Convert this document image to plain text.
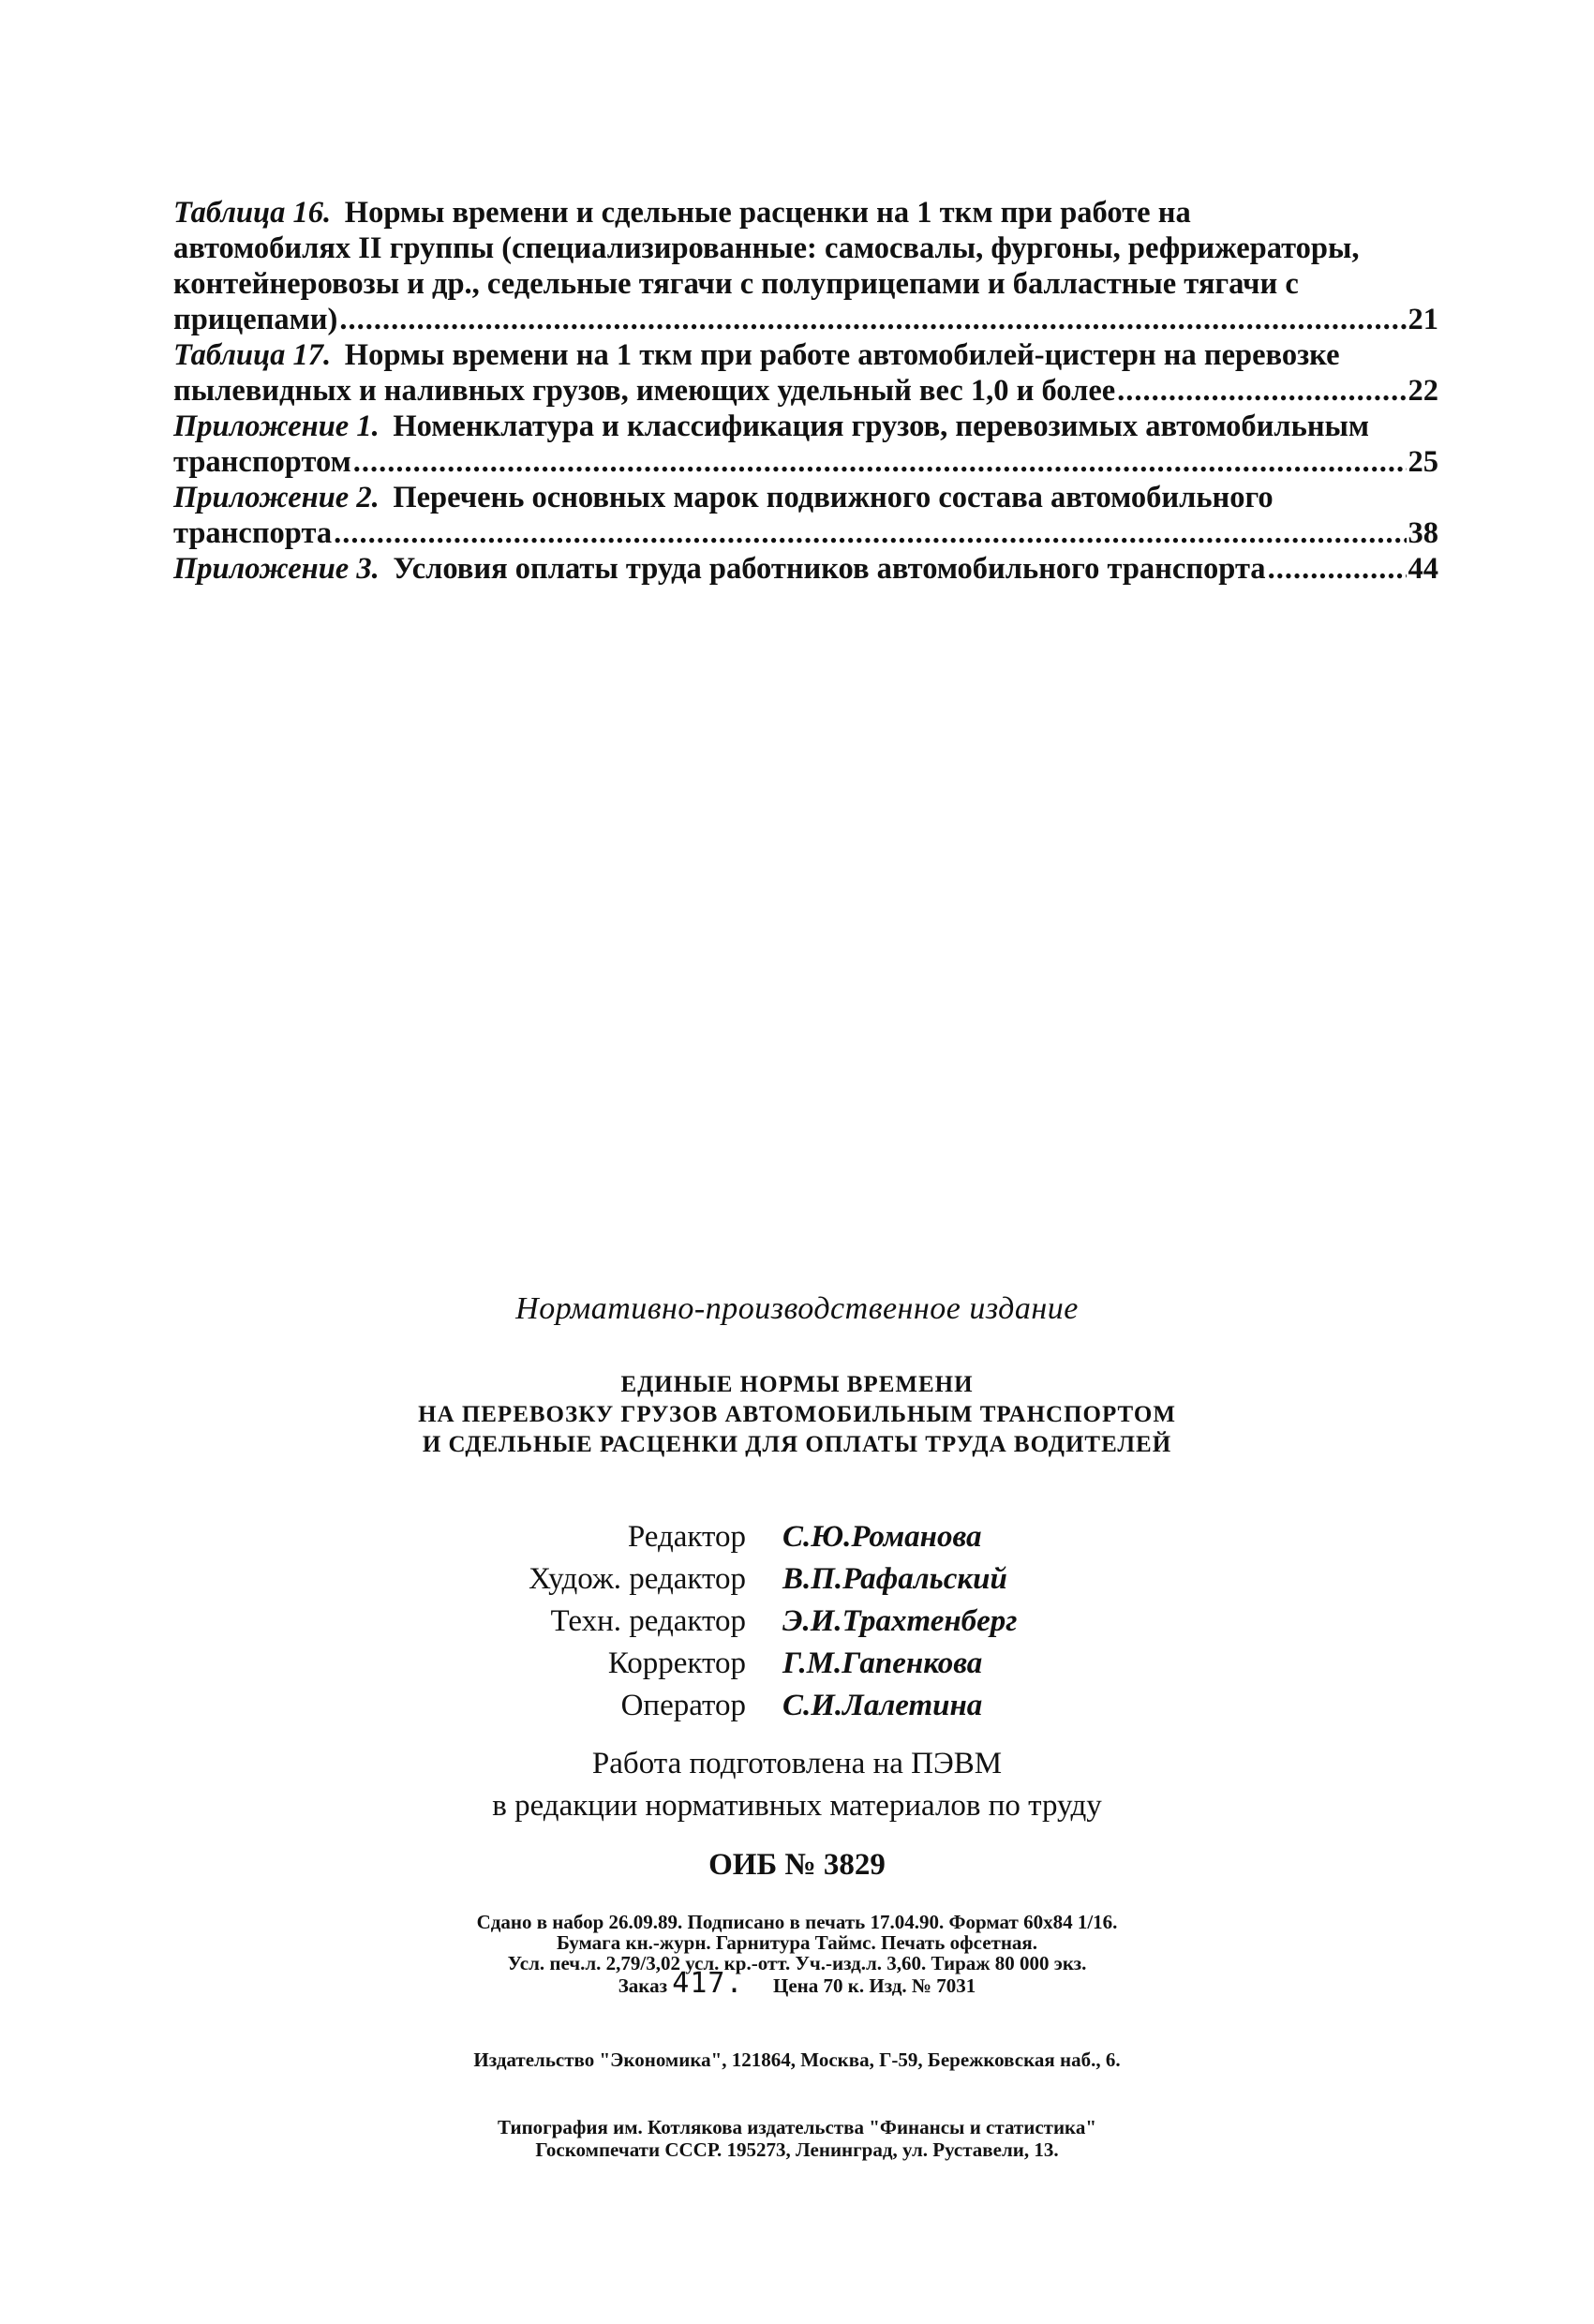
Таблица 16. Нормы времени и сдельные расценки на 1 ткм при работе на
автомобилях II группы (специализированные: самосвалы, фургоны, рефрижераторы,
контейнеровозы и др., седельные тягачи с полуприцепами и балластные тягачи с
прицепами) .....	21
Таблица 17. Нормы времени на 1 ткм при работе автомобилей-цистерн на перевозке
пылевидных и наливных грузов, имеющих удельный вес 1,0 и более .....	22
Приложение 1. Номенклатура и классификация грузов, перевозимых автомобильным
транспортом .....	25
Приложение 2. Перечень основных марок подвижного состава автомобильного
транспорта .....	38
Приложение 3. Условия оплаты труда работников автомобильного транспорта .....	44
Нормативно-производственное издание
ЕДИНЫЕ НОРМЫ ВРЕМЕНИ
НА ПЕРЕВОЗКУ ГРУЗОВ АВТОМОБИЛЬНЫМ ТРАНСПОРТОМ
И СДЕЛЬНЫЕ РАСЦЕНКИ ДЛЯ ОПЛАТЫ ТРУДА ВОДИТЕЛЕЙ
Редактор С.Ю.Романова
Худож. редактор В.П.Рафальский
Техн. редактор Э.И.Трахтенберг
Корректор Г.М.Гапенкова
Оператор С.И.Лалетина
Работа подготовлена на ПЭВМ
в редакции нормативных материалов по труду
ОИБ № 3829
Сдано в набор 26.09.89. Подписано в печать 17.04.90. Формат 60х84 1/16.
Бумага кн.-журн. Гарнитура Таймс. Печать офсетная.
Усл. печ.л. 2,79/3,02 усл. кр.-отт. Уч.-изд.л. 3,60. Тираж 80 000 экз.
Заказ 417. Цена 70 к. Изд. № 7031
Издательство "Экономика", 121864, Москва, Г-59, Бережковская наб., 6.
Типография им. Котлякова издательства "Финансы и статистика"
Госкомпечати СССР. 195273, Ленинград, ул. Руставели, 13.
